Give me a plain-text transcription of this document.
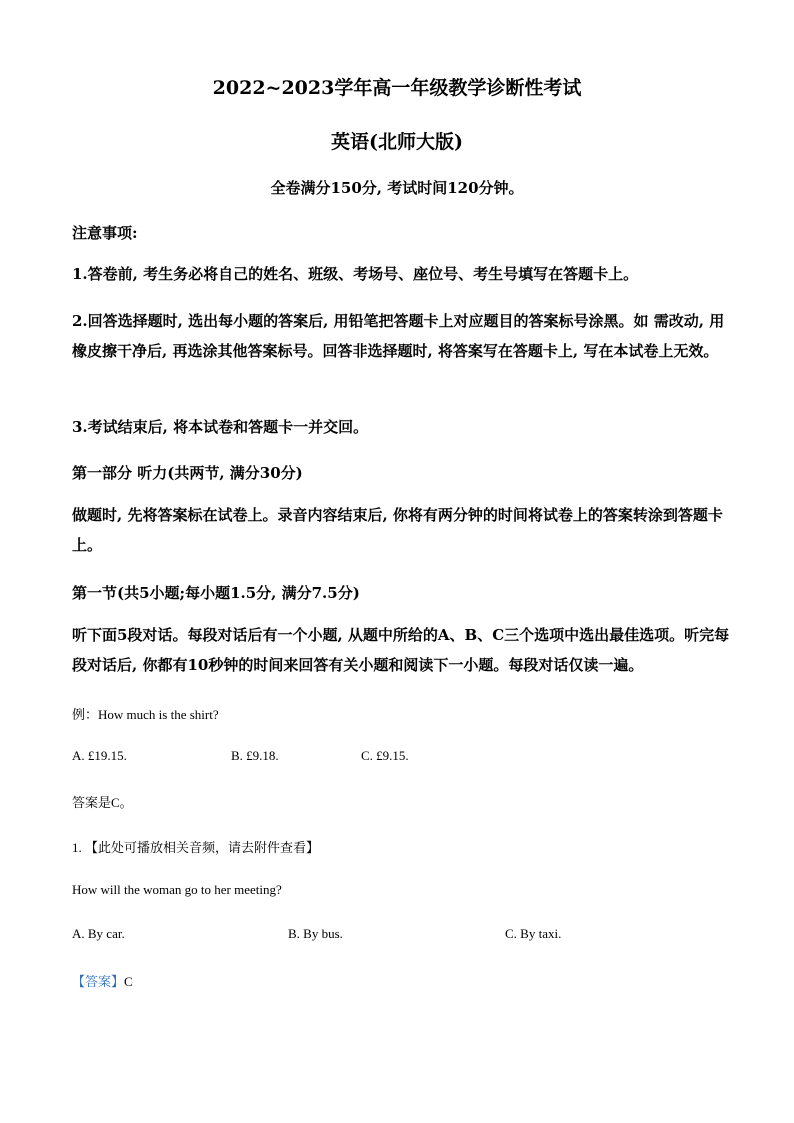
2022~2023学年高一年级教学诊断性考试
英语(北师大版)
全卷满分150分, 考试时间120分钟。
注意事项:
1.答卷前, 考生务必将自己的姓名、班级、考场号、座位号、考生号填写在答题卡上。
2.回答选择题时, 选出每小题的答案后, 用铅笔把答题卡上对应题目的答案标号涂黑。如 需改动, 用橡皮擦干净后, 再选涂其他答案标号。回答非选择题时, 将答案写在答题卡上, 写在本试卷上无效。
3.考试结束后, 将本试卷和答题卡一并交回。
第一部分 听力(共两节, 满分30分)
做题时, 先将答案标在试卷上。录音内容结束后, 你将有两分钟的时间将试卷上的答案转涂到答题卡上。
第一节(共5小题;每小题1.5分, 满分7.5分)
听下面5段对话。每段对话后有一个小题, 从题中所给的A、B、C三个选项中选出最佳选项。听完每段对话后, 你都有10秒钟的时间来回答有关小题和阅读下一小题。每段对话仅读一遍。
例：How much is the shirt?
A. £19.15.	B. £9.18.	C. £9.15.
答案是C。
1. 【此处可播放相关音频，请去附件查看】
How will the woman go to her meeting?
A. By car.	B. By bus.	C. By taxi.
【答案】C
